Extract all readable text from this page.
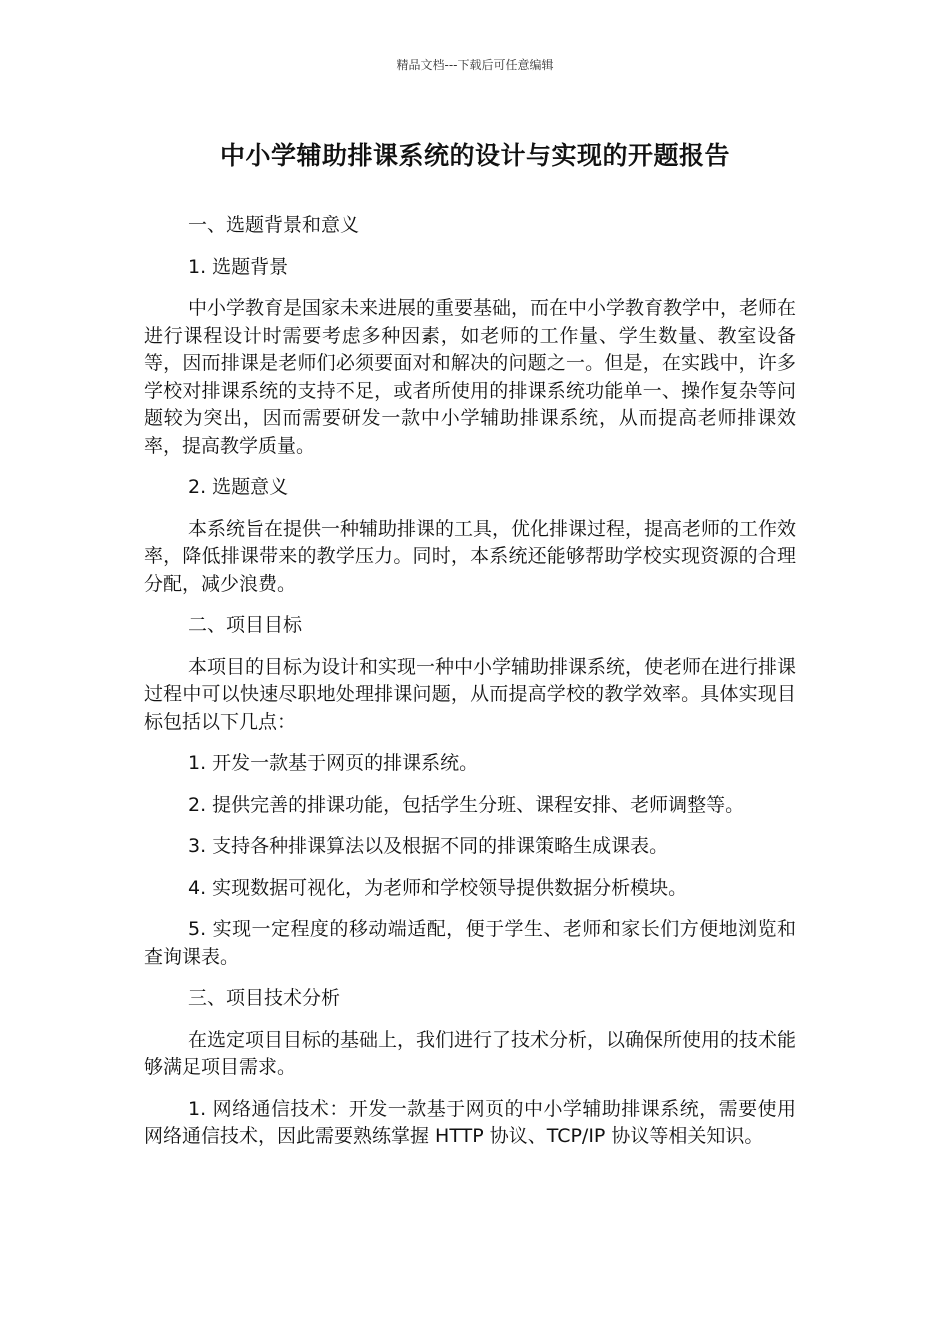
精品文档---下载后可任意编辑
中小学辅助排课系统的设计与实现的开题报告

一、选题背景和意义

1. 选题背景

中小学教育是国家未来进展的重要基础，而在中小学教育教学中，老师在进行课程设计时需要考虑多种因素，如老师的工作量、学生数量、教室设备等，因而排课是老师们必须要面对和解决的问题之一。但是，在实践中，许多学校对排课系统的支持不足，或者所使用的排课系统功能单一、操作复杂等问题较为突出，因而需要研发一款中小学辅助排课系统，从而提高老师排课效率，提高教学质量。

2. 选题意义

本系统旨在提供一种辅助排课的工具，优化排课过程，提高老师的工作效率，降低排课带来的教学压力。同时，本系统还能够帮助学校实现资源的合理分配，减少浪费。

二、项目目标

本项目的目标为设计和实现一种中小学辅助排课系统，使老师在进行排课过程中可以快速尽职地处理排课问题，从而提高学校的教学效率。具体实现目标包括以下几点：

1. 开发一款基于网页的排课系统。

2. 提供完善的排课功能，包括学生分班、课程安排、老师调整等。

3. 支持各种排课算法以及根据不同的排课策略生成课表。

4. 实现数据可视化，为老师和学校领导提供数据分析模块。

5. 实现一定程度的移动端适配，便于学生、老师和家长们方便地浏览和查询课表。

三、项目技术分析

在选定项目目标的基础上，我们进行了技术分析，以确保所使用的技术能够满足项目需求。

1. 网络通信技术：开发一款基于网页的中小学辅助排课系统，需要使用网络通信技术，因此需要熟练掌握 HTTP 协议、TCP/IP 协议等相关知识。
